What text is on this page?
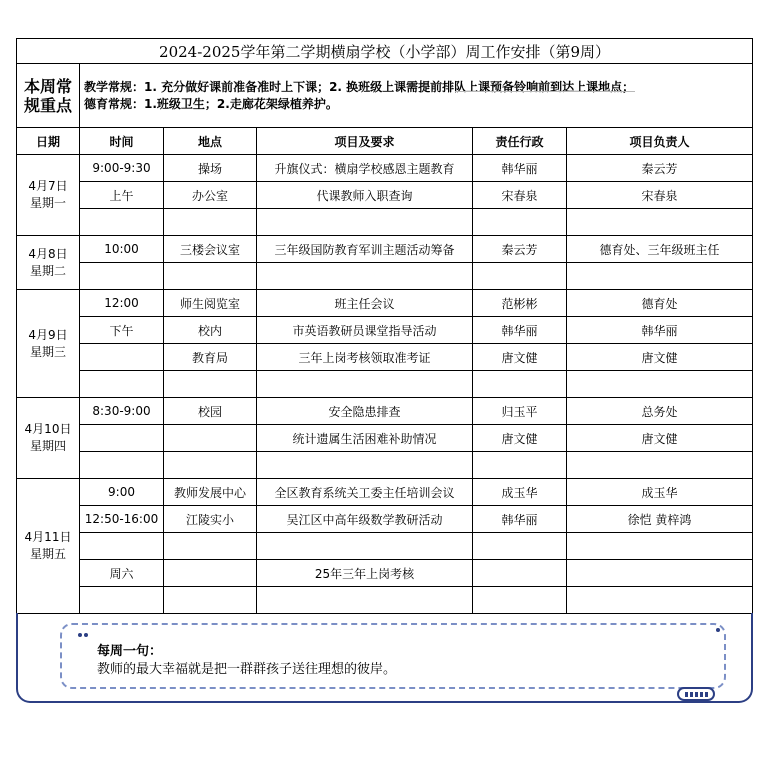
2024-2025学年第二学期横扇学校（小学部）周工作安排（第9周）					
本周常规重点	教学常规：1. 充分做好课前准备准时上下课；2. 换班级上课需提前排队上课预备铃响前到达上课地点；
德育常规：1.班级卫生；2.走廊花架绿植养护。				

日期	时间	地点	项目及要求	责任行政	项目负责人

4月7日
星期一	9:00-9:30	操场	升旗仪式：横扇学校感恩主题教育	韩华丽	秦云芳
	上午	办公室	代课教师入职查询	宋春泉	宋春泉

4月8日
星期二	10:00	三楼会议室	三年级国防教育军训主题活动筹备	秦云芳	德育处、三年级班主任

4月9日
星期三	12:00	师生阅览室	班主任会议	范彬彬	德育处
	下午	校内	市英语教研员课堂指导活动	韩华丽	韩华丽
		教育局	三年上岗考核领取准考证	唐文健	唐文健

4月10日
星期四	8:30-9:00	校园	安全隐患排查	归玉平	总务处
			统计遗属生活困难补助情况	唐文健	唐文健

4月11日
星期五	9:00	教师发展中心	全区教育系统关工委主任培训会议	成玉华	成玉华
	12:50-16:00	江陵实小	吴江区中高年级数学教研活动	韩华丽	徐恺 黄梓鸿

	周六		25年三年上岗考核		

每周一句：
教师的最大幸福就是把一群群孩子送往理想的彼岸。
